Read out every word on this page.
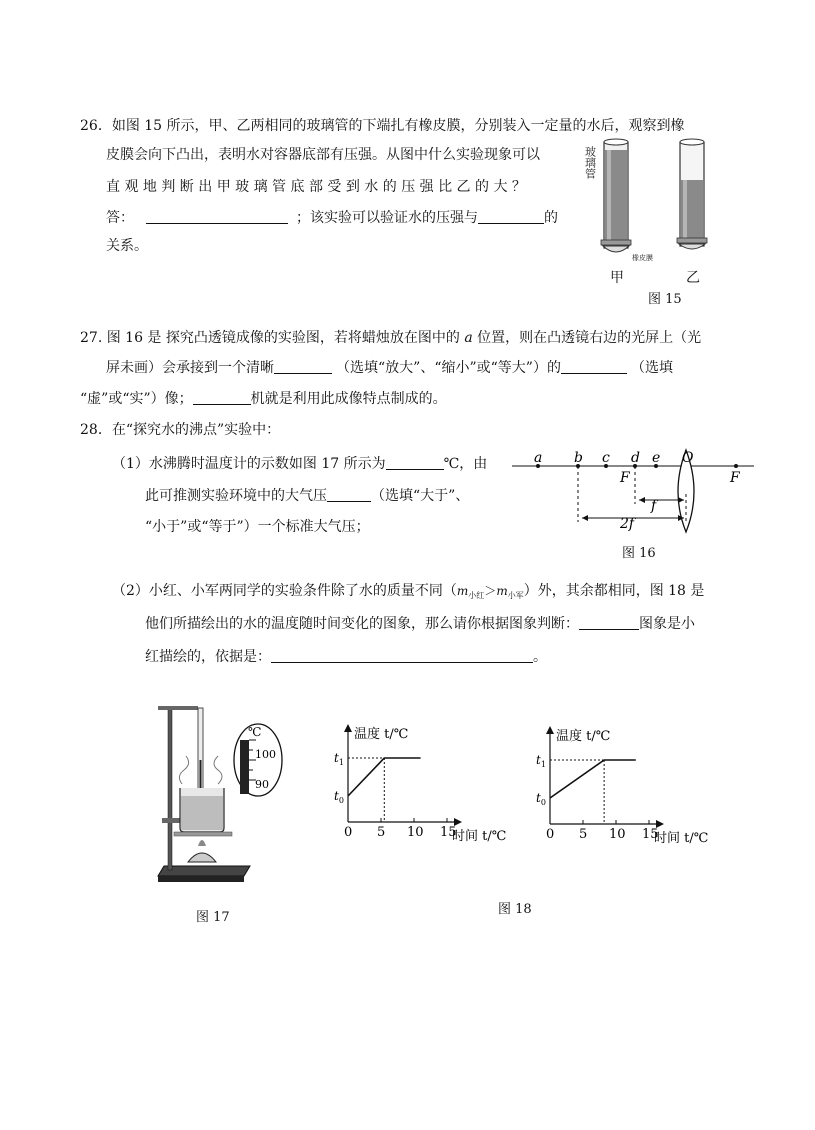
26．如图 15 所示，甲、乙两相同的玻璃管的下端扎有橡皮膜，分别装入一定量的水后，观察到橡
皮膜会向下凸出，表明水对容器底部有压强。从图中什么实验现象可以
直 观 地 判 断 出 甲 玻 璃 管 底 部 受 到 水 的 压 强 比 乙 的 大 ？
答：	；该实验可以验证水的压强与	的
关系。
玻璃管
橡皮膜
甲	乙
图 15
27. 图 16 是 探究凸透镜成像的实验图，若将蜡烛放在图中的 a 位置，则在凸透镜右边的光屏上（光
屏未画）会承接到一个清晰	（选填“放大”、“缩小”或“等大”）的	（选填
“虚”或“实”）像；	机就是利用此成像特点制成的。
28．在“探究水的沸点”实验中：
（1）水沸腾时温度计的示数如图 17 所示为	℃，由
此可推测实验环境中的大气压	（选填“大于”、
“小于”或“等于”）一个标准大气压；
a b c d e O
f
2f
F	F
图 16
（2）小红、小军两同学的实验条件除了水的质量不同$(m_{小红}>m_{小军})$外，其余都相同，图 18 是
他们所描绘出的水的温度随时间变化的图象，那么请你根据图象判断：	图象是小
红描绘的，依据是：	。
℃
100
90
图 17
温度 t/℃
时间 t/℃
0 5 10 15
$t_1$
$t_0$
温度 t/℃
时间 t/℃
0 5 10 15
$t_1$
$t_0$
图 18
